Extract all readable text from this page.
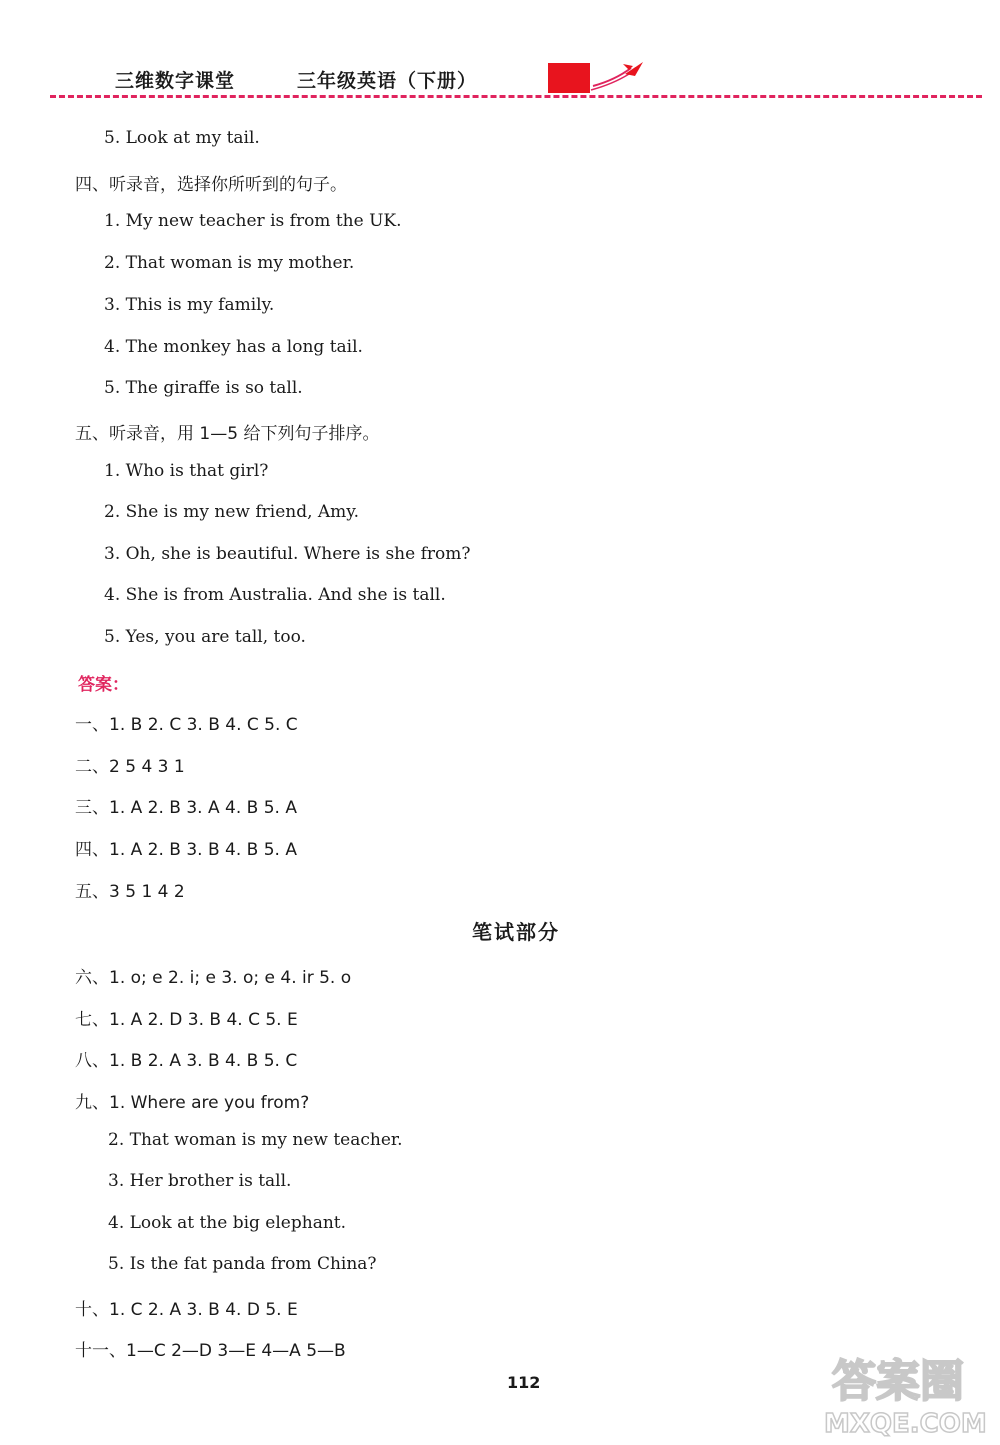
三维数字课堂	三年级英语（下册）
5. Look at my tail.
四、听录音，选择你所听到的句子。
1. My new teacher is from the UK.
2. That woman is my mother.
3. This is my family.
4. The monkey has a long tail.
5. The giraffe is so tall.
五、听录音，用 1—5 给下列句子排序。
1. Who is that girl?
2. She is my new friend, Amy.
3. Oh, she is beautiful. Where is she from?
4. She is from Australia. And she is tall.
5. Yes, you are tall, too.
答案：
一、1. B 2. C 3. B 4. C 5. C
二、2 5 4 3 1
三、1. A 2. B 3. A 4. B 5. A
四、1. A 2. B 3. B 4. B 5. A
五、3 5 1 4 2
笔试部分
六、1. o; e 2. i; e 3. o; e 4. ir 5. o
七、1. A 2. D 3. B 4. C 5. E
八、1. B 2. A 3. B 4. B 5. C
九、1. Where are you from?
2. That woman is my new teacher.
3. Her brother is tall.
4. Look at the big elephant.
5. Is the fat panda from China?
十、1. C 2. A 3. B 4. D 5. E
十一、1—C 2—D 3—E 4—A 5—B
112	答案圈
MXQE.COM
